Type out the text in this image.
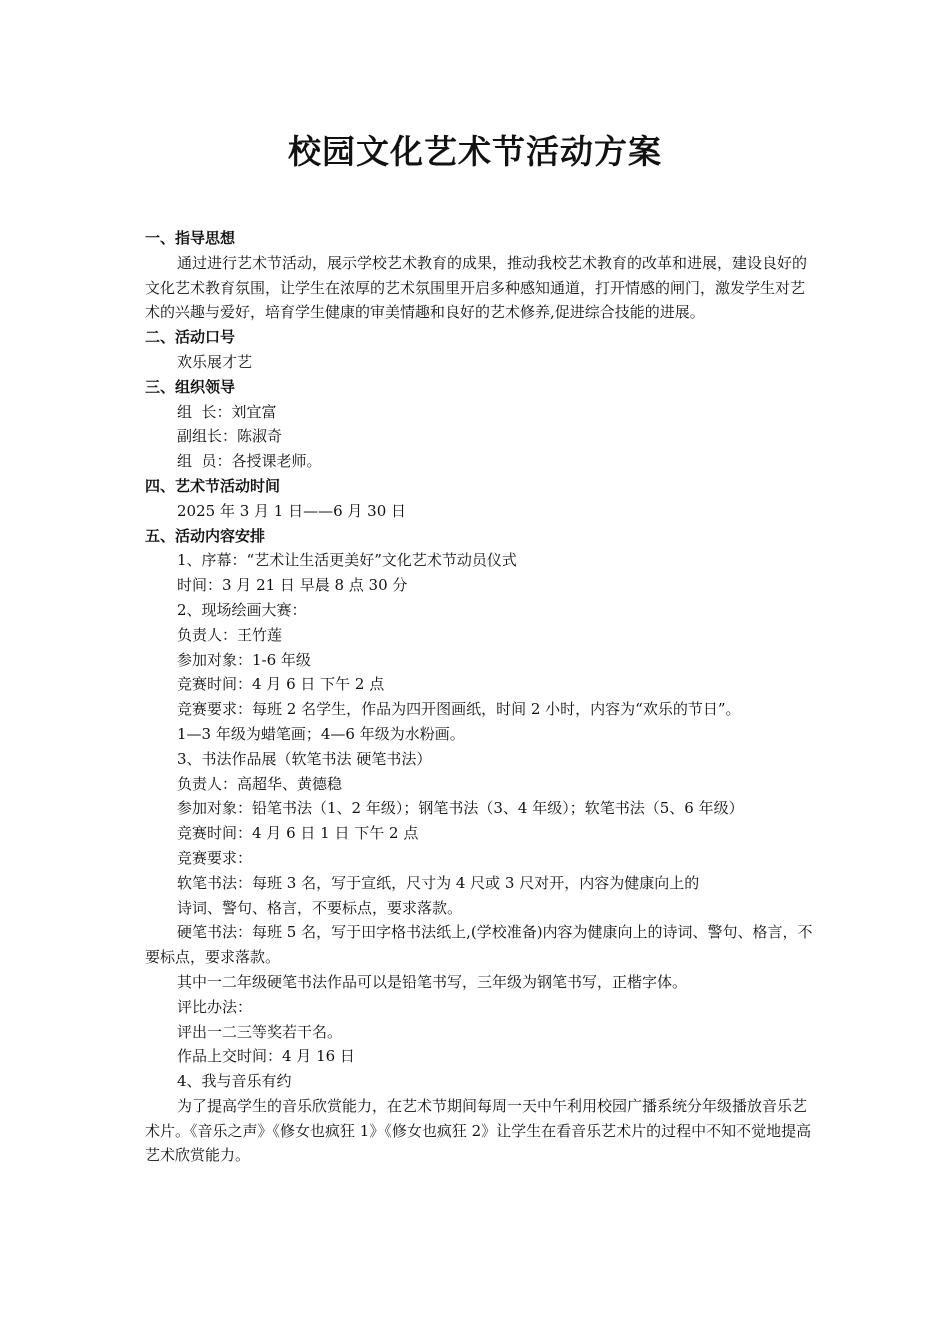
校园文化艺术节活动方案

一、指导思想

通过进行艺术节活动，展示学校艺术教育的成果，推动我校艺术教育的改革和进展，建设良好的文化艺术教育氛围，让学生在浓厚的艺术氛围里开启多种感知通道，打开情感的闸门，激发学生对艺术的兴趣与爱好，培育学生健康的审美情趣和良好的艺术修养,促进综合技能的进展。

二、活动口号

欢乐展才艺

三、组织领导

组  长：刘宜富

副组长：陈淑奇

组  员：各授课老师。

四、艺术节活动时间

2025 年 3 月 1 日——6 月 30 日

五、活动内容安排

1、序幕：“艺术让生活更美好”文化艺术节动员仪式

时间：3 月 21 日 早晨 8 点 30 分

2、现场绘画大赛：

负责人：王竹莲

参加对象：1-6 年级

竞赛时间：4 月 6 日 下午 2 点

竞赛要求：每班 2 名学生，作品为四开图画纸，时间 2 小时，内容为“欢乐的节日”。

1—3 年级为蜡笔画；4—6 年级为水粉画。

3、书法作品展（软笔书法 硬笔书法）

负责人：高超华、黄德稳

参加对象：铅笔书法（1、2 年级）；钢笔书法（3、4 年级）；软笔书法（5、6 年级）

竞赛时间：4 月 6 日 1 日 下午 2 点

竞赛要求：

软笔书法：每班 3 名，写于宣纸，尺寸为 4 尺或 3 尺对开，内容为健康向上的

诗词、警句、格言，不要标点，要求落款。

硬笔书法：每班 5 名，写于田字格书法纸上,(学校准备)内容为健康向上的诗词、警句、格言，不要标点，要求落款。

其中一二年级硬笔书法作品可以是铅笔书写，三年级为钢笔书写，正楷字体。

评比办法：

评出一二三等奖若干名。

作品上交时间：4 月 16 日

4、我与音乐有约

为了提高学生的音乐欣赏能力，在艺术节期间每周一天中午利用校园广播系统分年级播放音乐艺术片。《音乐之声》《修女也疯狂 1》《修女也疯狂 2》让学生在看音乐艺术片的过程中不知不觉地提高艺术欣赏能力。
